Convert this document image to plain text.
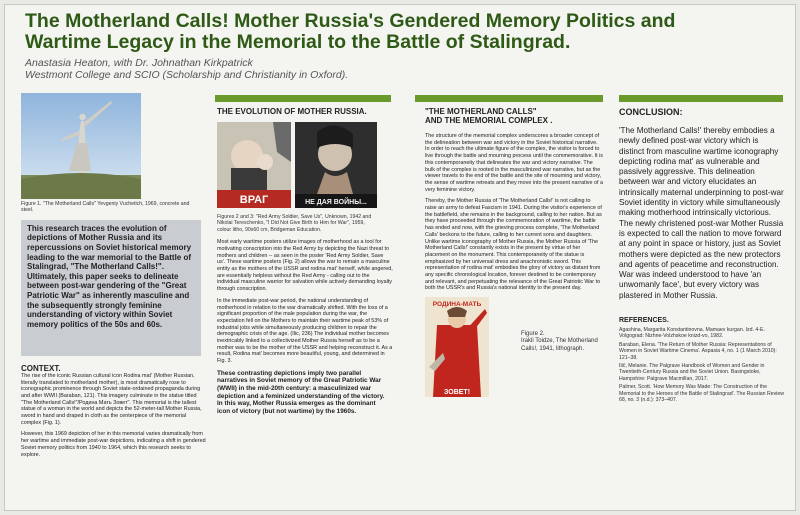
The Motherland Calls! Mother Russia's Gendered Memory Politics and Wartime Legacy in the Memorial to the Battle of Stalingrad.

Anastasia Heaton, with Dr. Johnathan Kirkpatrick

Westmont College and SCIO (Scholarship and Christianity in Oxford).

Figure 1. "The Motherland Calls" Yevgeniy Vuchetich, 1969, concrete and steel.

This research traces the evolution of depictions of Mother Russia and its repercussions on Soviet historical memory leading to the war memorial to the Battle of Stalingrad, "The Motherland Calls!". Ultimately, this paper seeks to delineate between post-war gendering of the "Great Patriotic War" as inherently masculine and the subsequently strongly feminine understanding of victory within Soviet memory politics of the 50s and 60s.

CONTEXT.

The rise of the iconic Russian cultural icon Rodina mat' (Mother Russian, literally translated to motherland mother), is most dramatically rose to iconographic prominence through Soviet state-ordained propaganda during and after WWII (Baraban, 121). This imagery culminate in the statue titled "The Motherland Calls!"/Родина Мать Зовет". This memorial is the tallest statue of a woman in the world and depicts the 52-meter-tall Mother Russia, sword in hand and draped in cloth as the centerpiece of the memorial complex (Fig. 1).

However, this 1969 depiction of her in this memorial varies dramatically from her wartime and immediate post-war depictions, indicating a shift in gendered Soviet memory politics from 1940 to 1964, which this research seeks to explore.

THE EVOLUTION OF MOTHER RUSSIA.
ВРАГ	НЕ ДАЯ ВОЙНЫ...

Figures 2 and 3: "Red Army Soldier, Save Us", Unknown, 1942 and Nikolai Tereschenko, "I Did Not Give Birth to Him for War", 1959, colour litho, 90x60 cm, Bridgeman Education.

Most early wartime posters utilize images of motherhood as a tool for motivating conscription into the Red Army by depicting the Nazi threat to mothers and children -- as seen in the poster 'Red Army Soldier, Save us'. These wartime posters (Fig. 2) allows the war to remain a masculine entity as the mothers of the USSR and rodina mat' herself, while angered, are essentially helpless without the Red Army - calling out to the individual masculine warrior for salvation while actively demanding loyalty through conscription.

In the immediate post-war period, the national understanding of motherhood in relation to the war dramatically shifted. With the loss of a significant proportion of the male population during the war, the expectation fell on the Mothers to maintain their wartime peak of 53% of industrial jobs while simultaneously producing children to repair the demographic crisis of the age. (Ilic, 236) The individual mother becomes inextricably linked to a collectivized Mother Russia herself as to be a mother was to be the mother of the USSR and helping reconstruct it. As a result, Rodina mat' becomes more beautiful, young, and determined in Fig. 3.

These contrasting depictions imply two parallel narratives in Soviet memory of the Great Patriotic War (WWII) in the mid-20th century: a masculinized war depiction and a feminized understanding of the victory. In this way, Mother Russia emerges as the dominant icon of victory (but not wartime) by the 1960s.

"THE MOTHERLAND CALLS"
AND THE MEMORIAL COMPLEX .

The structure of the memorial complex underscores a broader concept of the delineation between war and victory in the Soviet historical narrative. In order to reach the ultimate figure of the complex, the visitor is forced to live through the battle and mourning process until the commemorative. It is this contemporaneity that delineates the war and victory narrative. The bulk of the complex is rooted in the masculinized war narrative, but as the viewer travels to the end of the battle and the site of mourning and victory, the sense of wartime retreats and they move into the present narrative of a very feminine victory.

Thereby, the Mother Russia of 'The Motherland Calls!' is not calling to raise an army to defeat Fascism in 1941. During the visitor's experience of the battlefield, she remains in the background, calling to her nation. But as they have proceeded through the commemoration of wartime, the battle has ended and now, with the grieving process complete, 'The Motherland Calls' beckons to the future, calling to her current sons and daughters. Unlike wartime iconography of Mother Russia, the Mother Russia of 'The Motherland Calls!' constantly exists in the present by virtue of her placement on the monument. This contemporaneity of the statue is emphasized by her universal dress and anachronistic sword. This representation of rodina mat' embodies the glory of victory as distant from any specific chronological location, forever destined to be contemporary and relevant, and perpetuating the relevance of the Great Patriotic War to both the USSR's and Russia's national identity to the present day.

РОДИНА-МАТЬ
ЗОВЕТ!

Figure 2.

Irakli Toidze, The Motherland Calls!, 1941, lithograph.

CONCLUSION:

'The Motherland Calls!' thereby embodies a newly defined post-war victory which is distinct from masculine wartime iconography depicting rodina mat' as vulnerable and passively aggressive. This delineation between war and victory elucidates an intrinsically maternal underpinning to post-war Soviet identity in victory while simultaneously making motherhood intrinsically victorious. The newly christened post-war Mother Russia is expected to call the nation to move forward at any point in space or history, just as Soviet mothers were depicted as the new protectors and agents of peacetime and reconstruction. War was indeed understood to have 'an unwomanly face', but every victory was plastered in Mother Russia.

REFERENCES.

Agashina, Margarita Konstantinovna. Mamaev kurgan. Izd. 4-E. Volgograd: Nizhne-Volzhskoe knizd-vo, 1982.

Baraban, Elena. 'The Return of Mother Russia: Representations of Women in Soviet Wartime Cinema'. Aspasia 4, no. 1 (1 March 2010): 121–38.

Ilič, Melanie. The Palgrave Handbook of Women and Gender in Twentieth-Century Russia and the Soviet Union. Basingstoke, Hampshire: Palgrave Macmillan, 2017.

Palmer, Scott. 'How Memory Was Made: The Construction of the Memorial to the Heroes of the Battle of Stalingrad'. The Russian Review 68, no. 3 (n.d.): 373–407.
